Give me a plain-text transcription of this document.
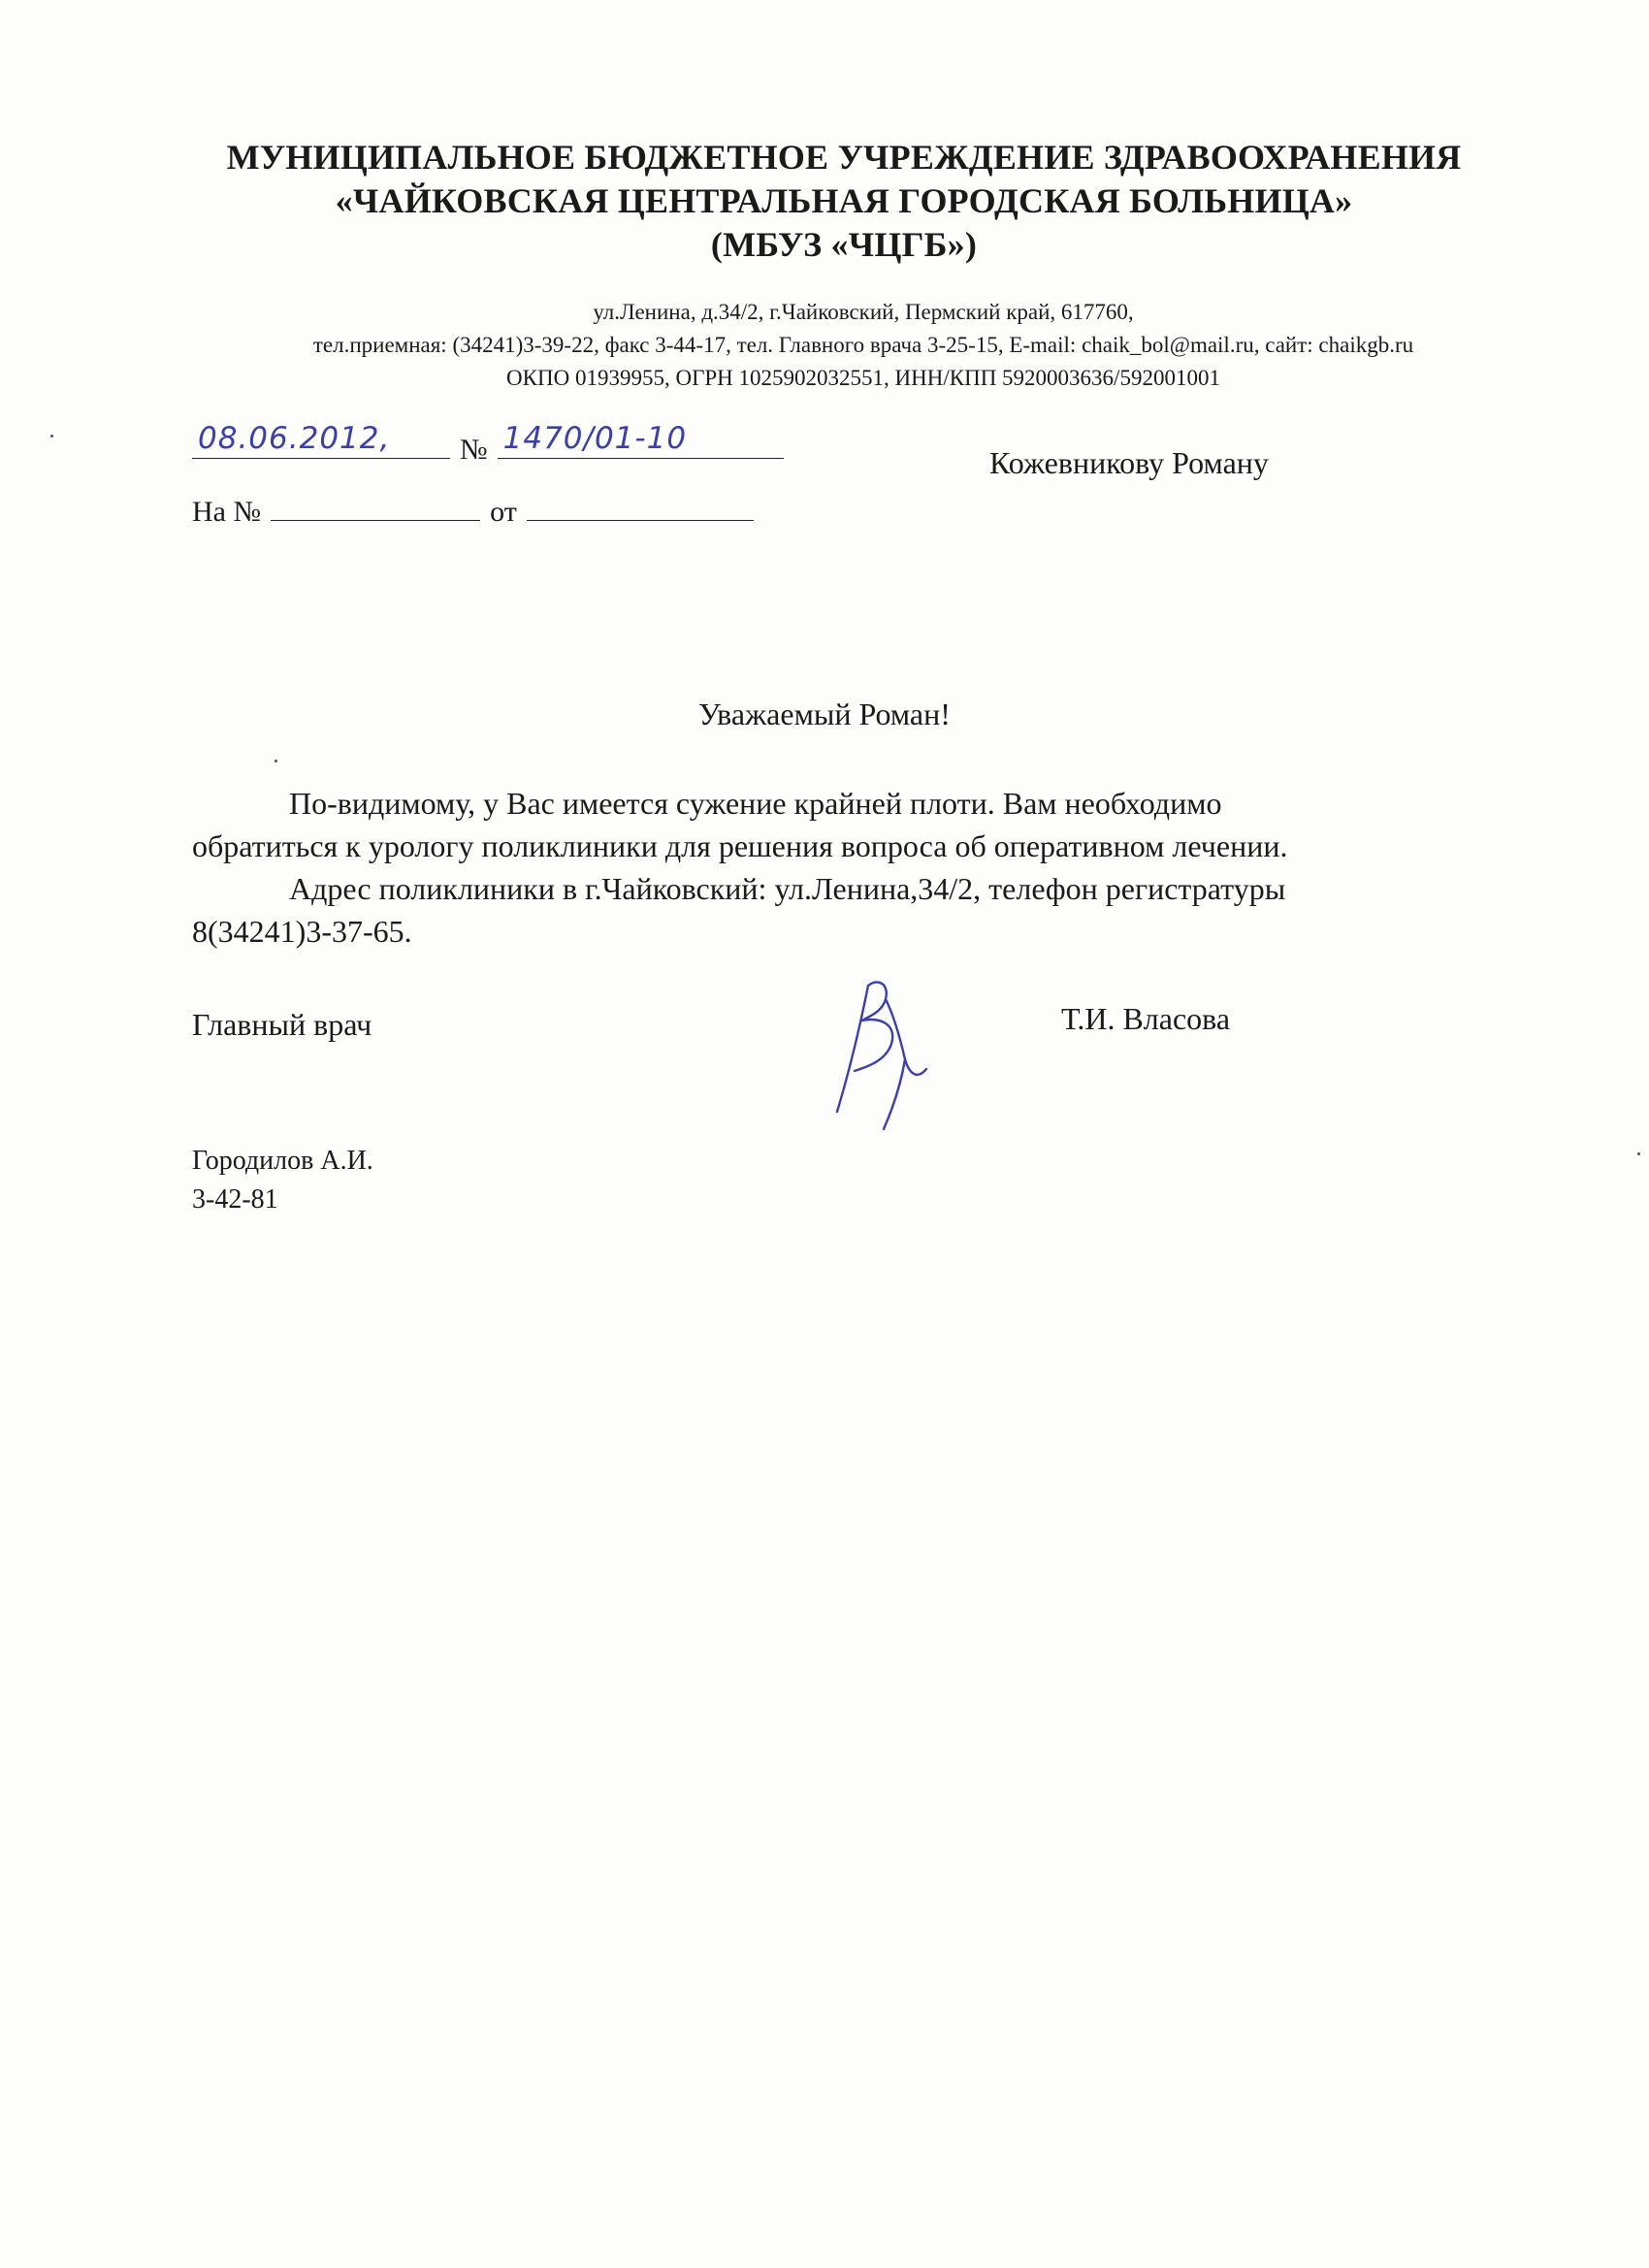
МУНИЦИПАЛЬНОЕ БЮДЖЕТНОЕ УЧРЕЖДЕНИЕ ЗДРАВООХРАНЕНИЯ

«ЧАЙКОВСКАЯ ЦЕНТРАЛЬНАЯ ГОРОДСКАЯ БОЛЬНИЦА»

(МБУЗ «ЧЦГБ»)

ул.Ленина, д.34/2, г.Чайковский, Пермский край, 617760,
тел.приемная: (34241)3-39-22, факс 3-44-17, тел. Главного врача 3-25-15, E-mail: chaik_bol@mail.ru, сайт: chaikgb.ru
ОКПО 01939955, ОГРН 1025902032551, ИНН/КПП 5920003636/592001001
08.06.2012, № 1470/01-10
На №	от
Кожевникову Роману
Уважаемый Роман!

По-видимому, у Вас имеется сужение крайней плоти. Вам необходимо

обратиться к урологу поликлиники для решения вопроса об оперативном лечении.

Адрес поликлиники в г.Чайковский: ул.Ленина,34/2, телефон регистратуры

8(34241)3-37-65.

Главный врач	Т.И. Власова
Городилов А.И.
3-42-81
